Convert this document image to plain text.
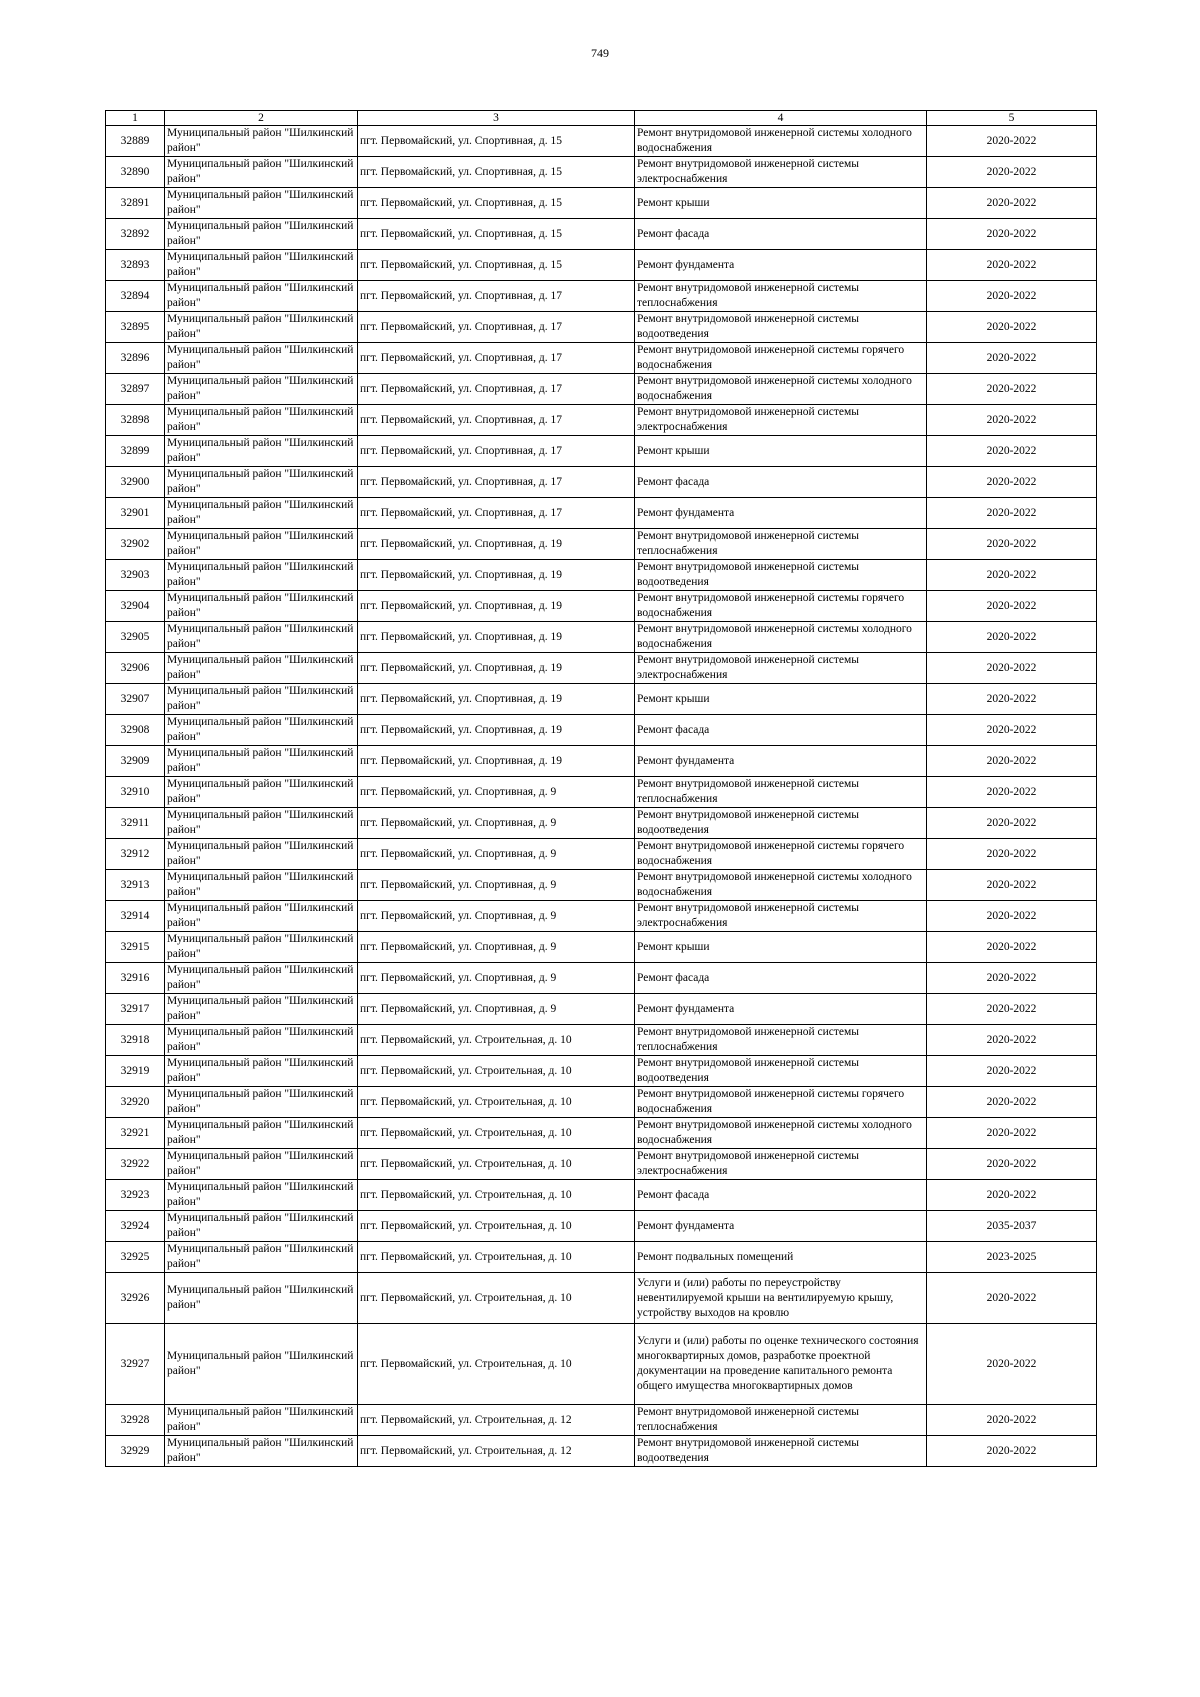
749
1	2	3	4	5
32889	Муниципальный район "Шилкинский район"	пгт. Первомайский, ул. Спортивная, д. 15	Ремонт внутридомовой инженерной системы холодного водоснабжения	2020-2022
32890	Муниципальный район "Шилкинский район"	пгт. Первомайский, ул. Спортивная, д. 15	Ремонт внутридомовой инженерной системы электроснабжения	2020-2022
32891	Муниципальный район "Шилкинский район"	пгт. Первомайский, ул. Спортивная, д. 15	Ремонт крыши	2020-2022
32892	Муниципальный район "Шилкинский район"	пгт. Первомайский, ул. Спортивная, д. 15	Ремонт фасада	2020-2022
32893	Муниципальный район "Шилкинский район"	пгт. Первомайский, ул. Спортивная, д. 15	Ремонт фундамента	2020-2022
32894	Муниципальный район "Шилкинский район"	пгт. Первомайский, ул. Спортивная, д. 17	Ремонт внутридомовой инженерной системы теплоснабжения	2020-2022
32895	Муниципальный район "Шилкинский район"	пгт. Первомайский, ул. Спортивная, д. 17	Ремонт внутридомовой инженерной системы водоотведения	2020-2022
32896	Муниципальный район "Шилкинский район"	пгт. Первомайский, ул. Спортивная, д. 17	Ремонт внутридомовой инженерной системы горячего водоснабжения	2020-2022
32897	Муниципальный район "Шилкинский район"	пгт. Первомайский, ул. Спортивная, д. 17	Ремонт внутридомовой инженерной системы холодного водоснабжения	2020-2022
32898	Муниципальный район "Шилкинский район"	пгт. Первомайский, ул. Спортивная, д. 17	Ремонт внутридомовой инженерной системы электроснабжения	2020-2022
32899	Муниципальный район "Шилкинский район"	пгт. Первомайский, ул. Спортивная, д. 17	Ремонт крыши	2020-2022
32900	Муниципальный район "Шилкинский район"	пгт. Первомайский, ул. Спортивная, д. 17	Ремонт фасада	2020-2022
32901	Муниципальный район "Шилкинский район"	пгт. Первомайский, ул. Спортивная, д. 17	Ремонт фундамента	2020-2022
32902	Муниципальный район "Шилкинский район"	пгт. Первомайский, ул. Спортивная, д. 19	Ремонт внутридомовой инженерной системы теплоснабжения	2020-2022
32903	Муниципальный район "Шилкинский район"	пгт. Первомайский, ул. Спортивная, д. 19	Ремонт внутридомовой инженерной системы водоотведения	2020-2022
32904	Муниципальный район "Шилкинский район"	пгт. Первомайский, ул. Спортивная, д. 19	Ремонт внутридомовой инженерной системы горячего водоснабжения	2020-2022
32905	Муниципальный район "Шилкинский район"	пгт. Первомайский, ул. Спортивная, д. 19	Ремонт внутридомовой инженерной системы холодного водоснабжения	2020-2022
32906	Муниципальный район "Шилкинский район"	пгт. Первомайский, ул. Спортивная, д. 19	Ремонт внутридомовой инженерной системы электроснабжения	2020-2022
32907	Муниципальный район "Шилкинский район"	пгт. Первомайский, ул. Спортивная, д. 19	Ремонт крыши	2020-2022
32908	Муниципальный район "Шилкинский район"	пгт. Первомайский, ул. Спортивная, д. 19	Ремонт фасада	2020-2022
32909	Муниципальный район "Шилкинский район"	пгт. Первомайский, ул. Спортивная, д. 19	Ремонт фундамента	2020-2022
32910	Муниципальный район "Шилкинский район"	пгт. Первомайский, ул. Спортивная, д. 9	Ремонт внутридомовой инженерной системы теплоснабжения	2020-2022
32911	Муниципальный район "Шилкинский район"	пгт. Первомайский, ул. Спортивная, д. 9	Ремонт внутридомовой инженерной системы водоотведения	2020-2022
32912	Муниципальный район "Шилкинский район"	пгт. Первомайский, ул. Спортивная, д. 9	Ремонт внутридомовой инженерной системы горячего водоснабжения	2020-2022
32913	Муниципальный район "Шилкинский район"	пгт. Первомайский, ул. Спортивная, д. 9	Ремонт внутридомовой инженерной системы холодного водоснабжения	2020-2022
32914	Муниципальный район "Шилкинский район"	пгт. Первомайский, ул. Спортивная, д. 9	Ремонт внутридомовой инженерной системы электроснабжения	2020-2022
32915	Муниципальный район "Шилкинский район"	пгт. Первомайский, ул. Спортивная, д. 9	Ремонт крыши	2020-2022
32916	Муниципальный район "Шилкинский район"	пгт. Первомайский, ул. Спортивная, д. 9	Ремонт фасада	2020-2022
32917	Муниципальный район "Шилкинский район"	пгт. Первомайский, ул. Спортивная, д. 9	Ремонт фундамента	2020-2022
32918	Муниципальный район "Шилкинский район"	пгт. Первомайский, ул. Строительная, д. 10	Ремонт внутридомовой инженерной системы теплоснабжения	2020-2022
32919	Муниципальный район "Шилкинский район"	пгт. Первомайский, ул. Строительная, д. 10	Ремонт внутридомовой инженерной системы водоотведения	2020-2022
32920	Муниципальный район "Шилкинский район"	пгт. Первомайский, ул. Строительная, д. 10	Ремонт внутридомовой инженерной системы горячего водоснабжения	2020-2022
32921	Муниципальный район "Шилкинский район"	пгт. Первомайский, ул. Строительная, д. 10	Ремонт внутридомовой инженерной системы холодного водоснабжения	2020-2022
32922	Муниципальный район "Шилкинский район"	пгт. Первомайский, ул. Строительная, д. 10	Ремонт внутридомовой инженерной системы электроснабжения	2020-2022
32923	Муниципальный район "Шилкинский район"	пгт. Первомайский, ул. Строительная, д. 10	Ремонт фасада	2020-2022
32924	Муниципальный район "Шилкинский район"	пгт. Первомайский, ул. Строительная, д. 10	Ремонт фундамента	2035-2037
32925	Муниципальный район "Шилкинский район"	пгт. Первомайский, ул. Строительная, д. 10	Ремонт подвальных помещений	2023-2025
32926	Муниципальный район "Шилкинский район"	пгт. Первомайский, ул. Строительная, д. 10	Услуги и (или) работы по переустройству невентилируемой крыши на вентилируемую крышу, устройству выходов на кровлю	2020-2022
32927	Муниципальный район "Шилкинский район"	пгт. Первомайский, ул. Строительная, д. 10	Услуги и (или) работы по оценке технического состояния многоквартирных домов, разработке проектной документации на проведение капитального ремонта общего имущества многоквартирных домов	2020-2022
32928	Муниципальный район "Шилкинский район"	пгт. Первомайский, ул. Строительная, д. 12	Ремонт внутридомовой инженерной системы теплоснабжения	2020-2022
32929	Муниципальный район "Шилкинский район"	пгт. Первомайский, ул. Строительная, д. 12	Ремонт внутридомовой инженерной системы водоотведения	2020-2022
